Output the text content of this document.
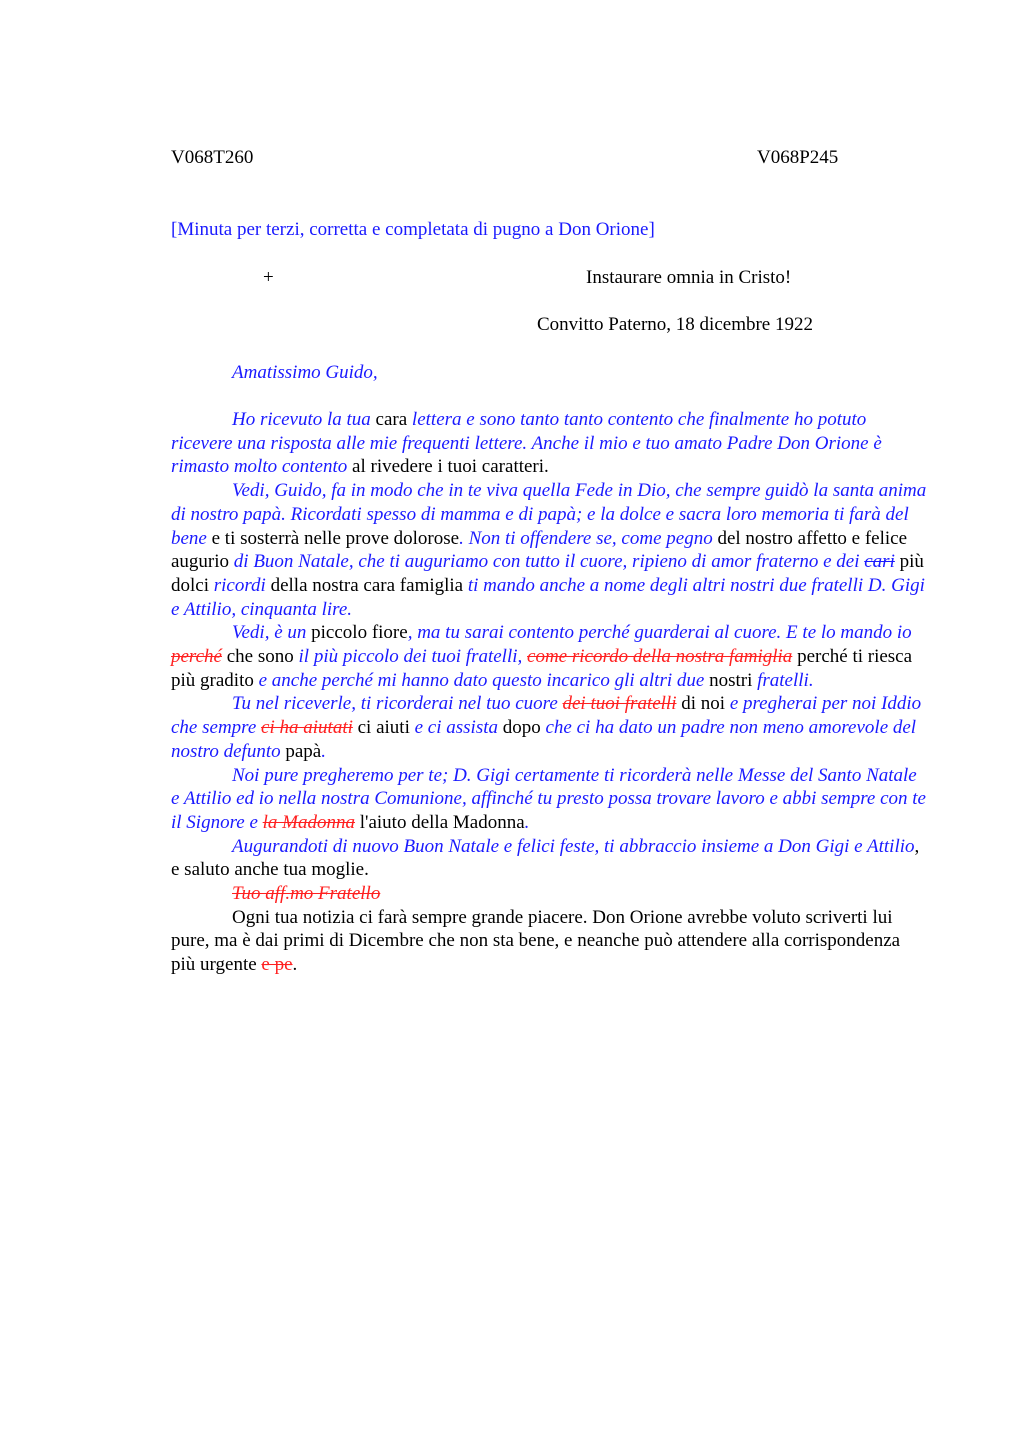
V068T260	V068P245
[Minuta per terzi, corretta e completata di pugno a Don Orione]
+	Instaurare omnia in Cristo!
Convitto Paterno, 18 dicembre 1922
Amatissimo Guido,

Ho ricevuto la tua cara lettera e sono tanto tanto contento che finalmente ho potuto ricevere una risposta alle mie frequenti lettere. Anche il mio e tuo amato Padre Don Orione è rimasto molto contento al rivedere i tuoi caratteri.

Vedi, Guido, fa in modo che in te viva quella Fede in Dio, che sempre guidò la santa anima di nostro papà. Ricordati spesso di mamma e di papà; e la dolce e sacra loro memoria ti farà del bene e ti sosterrà nelle prove dolorose. Non ti offendere se, come pegno del nostro affetto e felice augurio di Buon Natale, che ti auguriamo con tutto il cuore, ripieno di amor fraterno e dei cari più dolci ricordi della nostra cara famiglia ti mando anche a nome degli altri nostri due fratelli D. Gigi e Attilio, cinquanta lire.

Vedi, è un piccolo fiore, ma tu sarai contento perché guarderai al cuore. E te lo mando io perché che sono il più piccolo dei tuoi fratelli, come ricordo della nostra famiglia perché ti riesca più gradito e anche perché mi hanno dato questo incarico gli altri due nostri fratelli.

Tu nel riceverle, ti ricorderai nel tuo cuore dei tuoi fratelli di noi e pregherai per noi Iddio che sempre ci ha aiutati ci aiuti e ci assista dopo che ci ha dato un padre non meno amorevole del nostro defunto papà.

Noi pure pregheremo per te; D. Gigi certamente ti ricorderà nelle Messe del Santo Natale e Attilio ed io nella nostra Comunione, affinché tu presto possa trovare lavoro e abbi sempre con te il Signore e la Madonna l'aiuto della Madonna.

Augurandoti di nuovo Buon Natale e felici feste, ti abbraccio insieme a Don Gigi e Attilio, e saluto anche tua moglie.

Tuo aff.mo Fratello

Ogni tua notizia ci farà sempre grande piacere. Don Orione avrebbe voluto scriverti lui pure, ma è dai primi di Dicembre che non sta bene, e neanche può attendere alla corrispondenza più urgente e pe.
